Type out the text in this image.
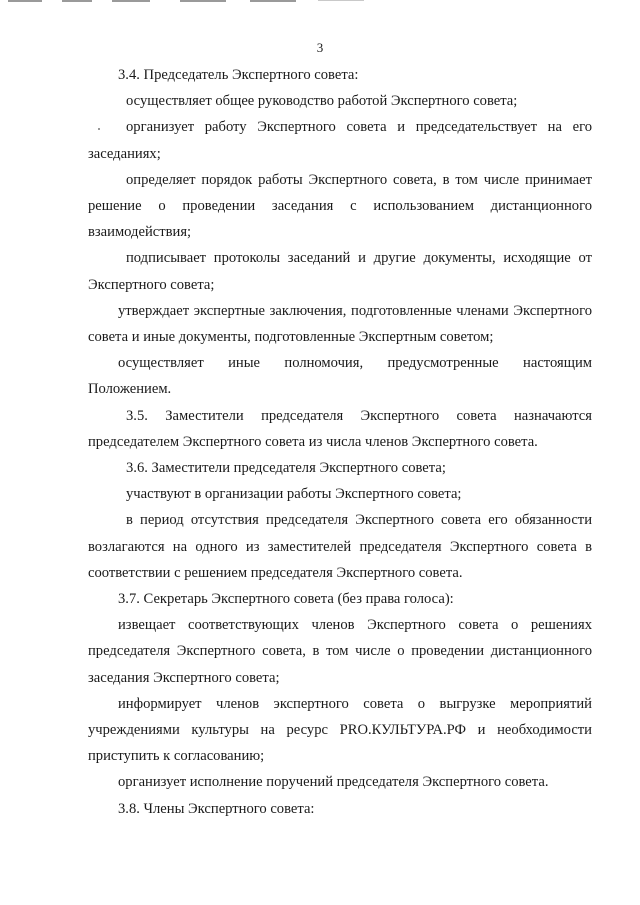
3

3.4. Председатель Экспертного совета:

осуществляет общее руководство работой Экспертного совета;

организует работу Экспертного совета и председательствует на его заседаниях;

определяет порядок работы Экспертного совета, в том числе принимает решение о проведении заседания с использованием дистанционного взаимодействия;

подписывает протоколы заседаний и другие документы, исходящие от Экспертного совета;

утверждает экспертные заключения, подготовленные членами Экспертного совета и иные документы, подготовленные Экспертным советом;

осуществляет иные полномочия, предусмотренные настоящим Положением.

3.5. Заместители председателя Экспертного совета назначаются председателем Экспертного совета из числа членов Экспертного совета.

3.6. Заместители председателя Экспертного совета;

участвуют в организации работы Экспертного совета;

в период отсутствия председателя Экспертного совета его обязанности возлагаются на одного из заместителей председателя Экспертного совета в соответствии с решением председателя Экспертного совета.

3.7. Секретарь Экспертного совета (без права голоса):

извещает соответствующих членов Экспертного совета о решениях председателя Экспертного совета, в том числе о проведении дистанционного заседания Экспертного совета;

информирует членов экспертного совета о выгрузке мероприятий учреждениями культуры на ресурс PRO.КУЛЬТУРА.РФ и необходимости приступить к согласованию;

организует исполнение поручений председателя Экспертного совета.

3.8. Члены Экспертного совета:
